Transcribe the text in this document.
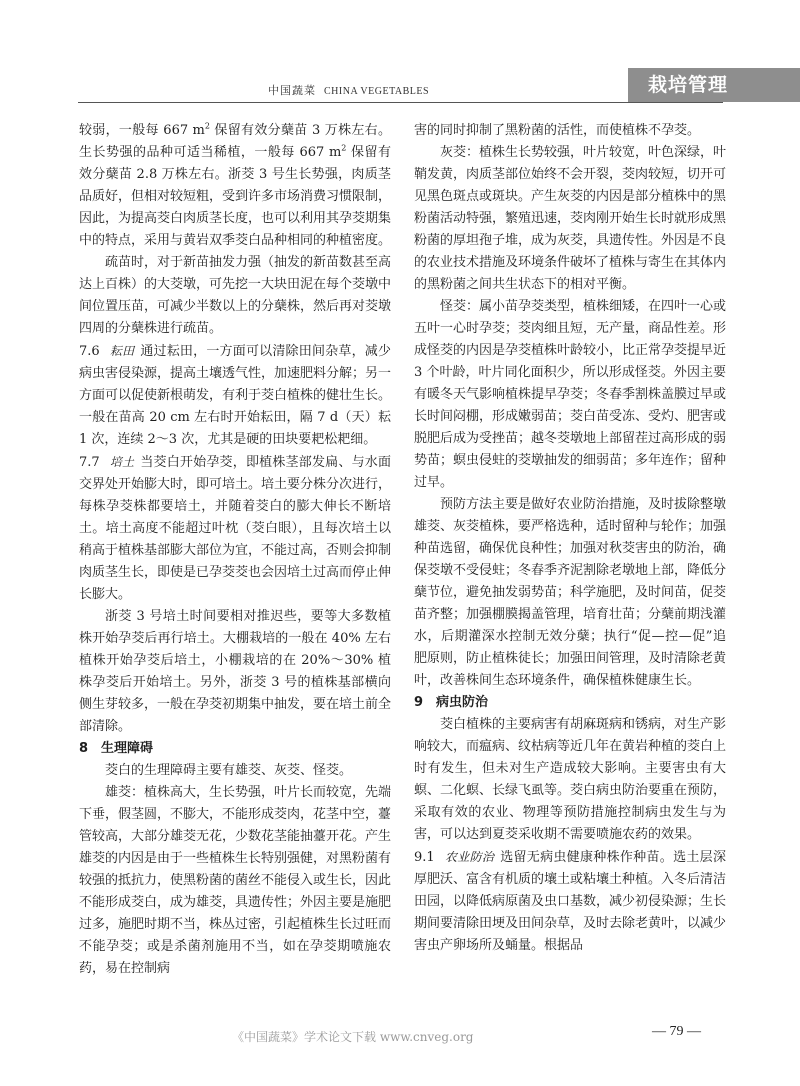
中国蔬菜 CHINA VEGETABLES	栽培管理

较弱，一般每 667 $m^2$ 保留有效分蘖苗 3 万株左右。生长势强的品种可适当稀植，一般每 667 $m^2$ 保留有效分蘖苗 2.8 万株左右。浙茭 3 号生长势强，肉质茎品质好，但相对较短粗，受到许多市场消费习惯限制，因此，为提高茭白肉质茎长度，也可以利用其孕茭期集中的特点，采用与黄岩双季茭白品种相同的种植密度。

疏苗时，对于新苗抽发力强（抽发的新苗数甚至高达上百株）的大茭墩，可先挖一大块田泥在每个茭墩中间位置压苗，可减少半数以上的分蘖株，然后再对茭墩四周的分蘖株进行疏苗。

7.6 耘田 通过耘田，一方面可以清除田间杂草，减少病虫害侵染源，提高土壤透气性，加速肥料分解；另一方面可以促使新根萌发，有利于茭白植株的健壮生长。一般在苗高 20 cm 左右时开始耘田，隔 7 d（天）耘 1 次，连续 2～3 次，尤其是硬的田块要耙松耙细。

7.7 培土 当茭白开始孕茭，即植株茎部发扁、与水面交界处开始膨大时，即可培土。培土要分株分次进行，每株孕茭株都要培土，并随着茭白的膨大伸长不断培土。培土高度不能超过叶枕（茭白眼），且每次培土以稍高于植株基部膨大部位为宜，不能过高，否则会抑制肉质茎生长，即使是已孕茭茭也会因培土过高而停止伸长膨大。

浙茭 3 号培土时间要相对推迟些，要等大多数植株开始孕茭后再行培土。大棚栽培的一般在 40% 左右植株开始孕茭后培土，小棚栽培的在 20%～30% 植株孕茭后开始培土。另外，浙茭 3 号的植株基部横向侧生芽较多，一般在孕茭初期集中抽发，要在培土前全部清除。

8　生理障碍

茭白的生理障碍主要有雄茭、灰茭、怪茭。

雄茭：植株高大，生长势强，叶片长而较宽，先端下垂，假茎圆，不膨大，不能形成茭肉，花茎中空，薹管较高，大部分雄茭无花，少数花茎能抽薹开花。产生雄茭的内因是由于一些植株生长特别强健，对黑粉菌有较强的抵抗力，使黑粉菌的菌丝不能侵入或生长，因此不能形成茭白，成为雄茭，具遗传性；外因主要是施肥过多，施肥时期不当，株丛过密，引起植株生长过旺而不能孕茭；或是杀菌剂施用不当，如在孕茭期喷施农药，易在控制病

害的同时抑制了黑粉菌的活性，而使植株不孕茭。

灰茭：植株生长势较强，叶片较宽，叶色深绿，叶鞘发黄，肉质茎部位始终不会开裂，茭肉较短，切开可见黑色斑点或斑块。产生灰茭的内因是部分植株中的黑粉菌活动特强，繁殖迅速，茭肉刚开始生长时就形成黑粉菌的厚坦孢子堆，成为灰茭，具遗传性。外因是不良的农业技术措施及环境条件破坏了植株与寄生在其体内的黑粉菌之间共生状态下的相对平衡。

怪茭：属小苗孕茭类型，植株细矮，在四叶一心或五叶一心时孕茭；茭肉细且短，无产量，商品性差。形成怪茭的内因是孕茭植株叶龄较小，比正常孕茭提早近 3 个叶龄，叶片同化面积少，所以形成怪茭。外因主要有暖冬天气影响植株提早孕茭；冬春季割株盖膜过早或长时间闷棚，形成嫩弱苗；茭白苗受冻、受灼、肥害或脱肥后成为受挫苗；越冬茭墩地上部留茬过高形成的弱势苗；螟虫侵蛀的茭墩抽发的细弱苗；多年连作；留种过早。

预防方法主要是做好农业防治措施，及时拔除整墩雄茭、灰茭植株，要严格选种，适时留种与轮作；加强种苗选留，确保优良种性；加强对秋茭害虫的防治，确保茭墩不受侵蛀；冬春季齐泥割除老墩地上部，降低分蘖节位，避免抽发弱势苗；科学施肥，及时间苗，促茭苗齐整；加强棚膜揭盖管理，培育壮苗；分蘖前期浅灌水，后期灌深水控制无效分蘖；执行“促—控—促”追肥原则，防止植株徒长；加强田间管理，及时清除老黄叶，改善株间生态环境条件，确保植株健康生长。

9　病虫防治

茭白植株的主要病害有胡麻斑病和锈病，对生产影响较大，而瘟病、纹枯病等近几年在黄岩种植的茭白上时有发生，但未对生产造成较大影响。主要害虫有大螟、二化螟、长绿飞虱等。茭白病虫防治要重在预防，采取有效的农业、物理等预防措施控制病虫发生与为害，可以达到夏茭采收期不需要喷施农药的效果。

9.1 农业防治 选留无病虫健康种株作种苗。选土层深厚肥沃、富含有机质的壤土或粘壤土种植。入冬后清洁田园，以降低病原菌及虫口基数，减少初侵染源；生长期间要清除田埂及田间杂草，及时去除老黄叶，以减少害虫产卵场所及蛹量。根据品

《中国蔬菜》学术论文下载 www.cnveg.org	— 79 —
